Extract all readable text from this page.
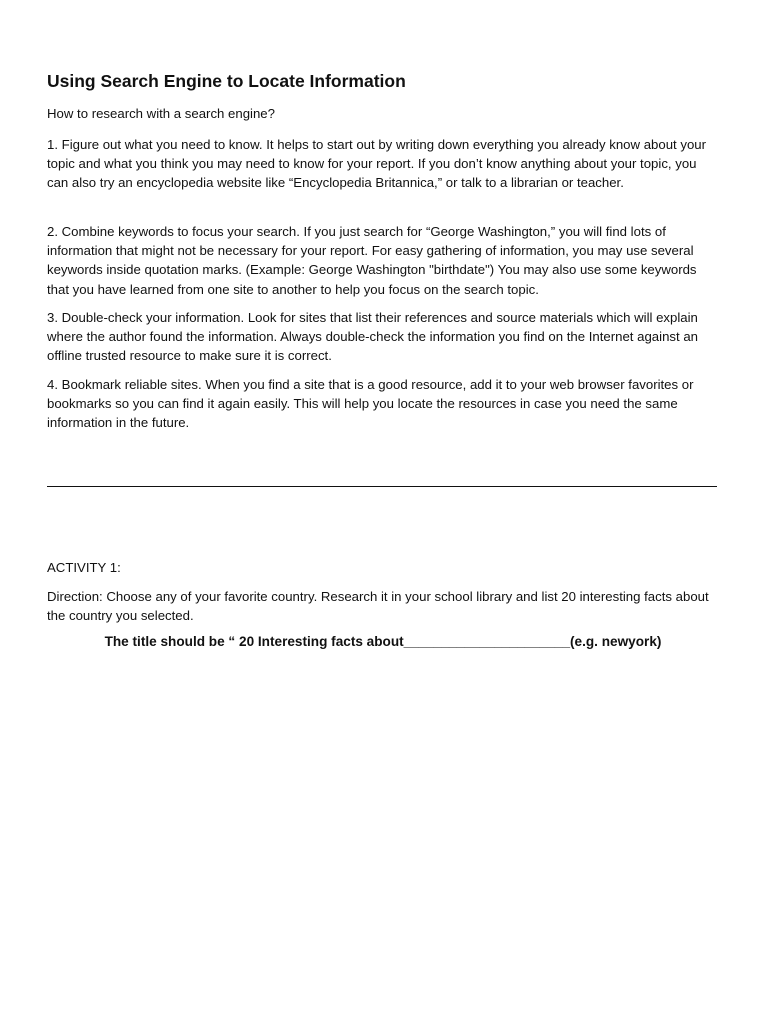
Using Search Engine to Locate Information
How to research with a search engine?

1. Figure out what you need to know. It helps to start out by writing down everything you already know about your topic and what you think you may need to know for your report. If you don’t know anything about your topic, you can also try an encyclopedia website like “Encyclopedia Britannica,” or talk to a librarian or teacher.

2. Combine keywords to focus your search. If you just search for “George Washington,” you will find lots of information that might not be necessary for your report. For easy gathering of information, you may use several keywords inside quotation marks. (Example: George Washington "birthdate") You may also use some keywords that you have learned from one site to another to help you focus on the search topic.

3. Double-check your information. Look for sites that list their references and source materials which will explain where the author found the information. Always double-check the information you find on the Internet against an offline trusted resource to make sure it is correct.

4. Bookmark reliable sites. When you find a site that is a good resource, add it to your web browser favorites or bookmarks so you can find it again easily. This will help you locate the resources in case you need the same information in the future.

ACTIVITY 1:

Direction: Choose any of your favorite country. Research it in your school library and list 20 interesting facts about the country you selected.

The title should be “ 20 Interesting facts about______________________(e.g. newyork)
